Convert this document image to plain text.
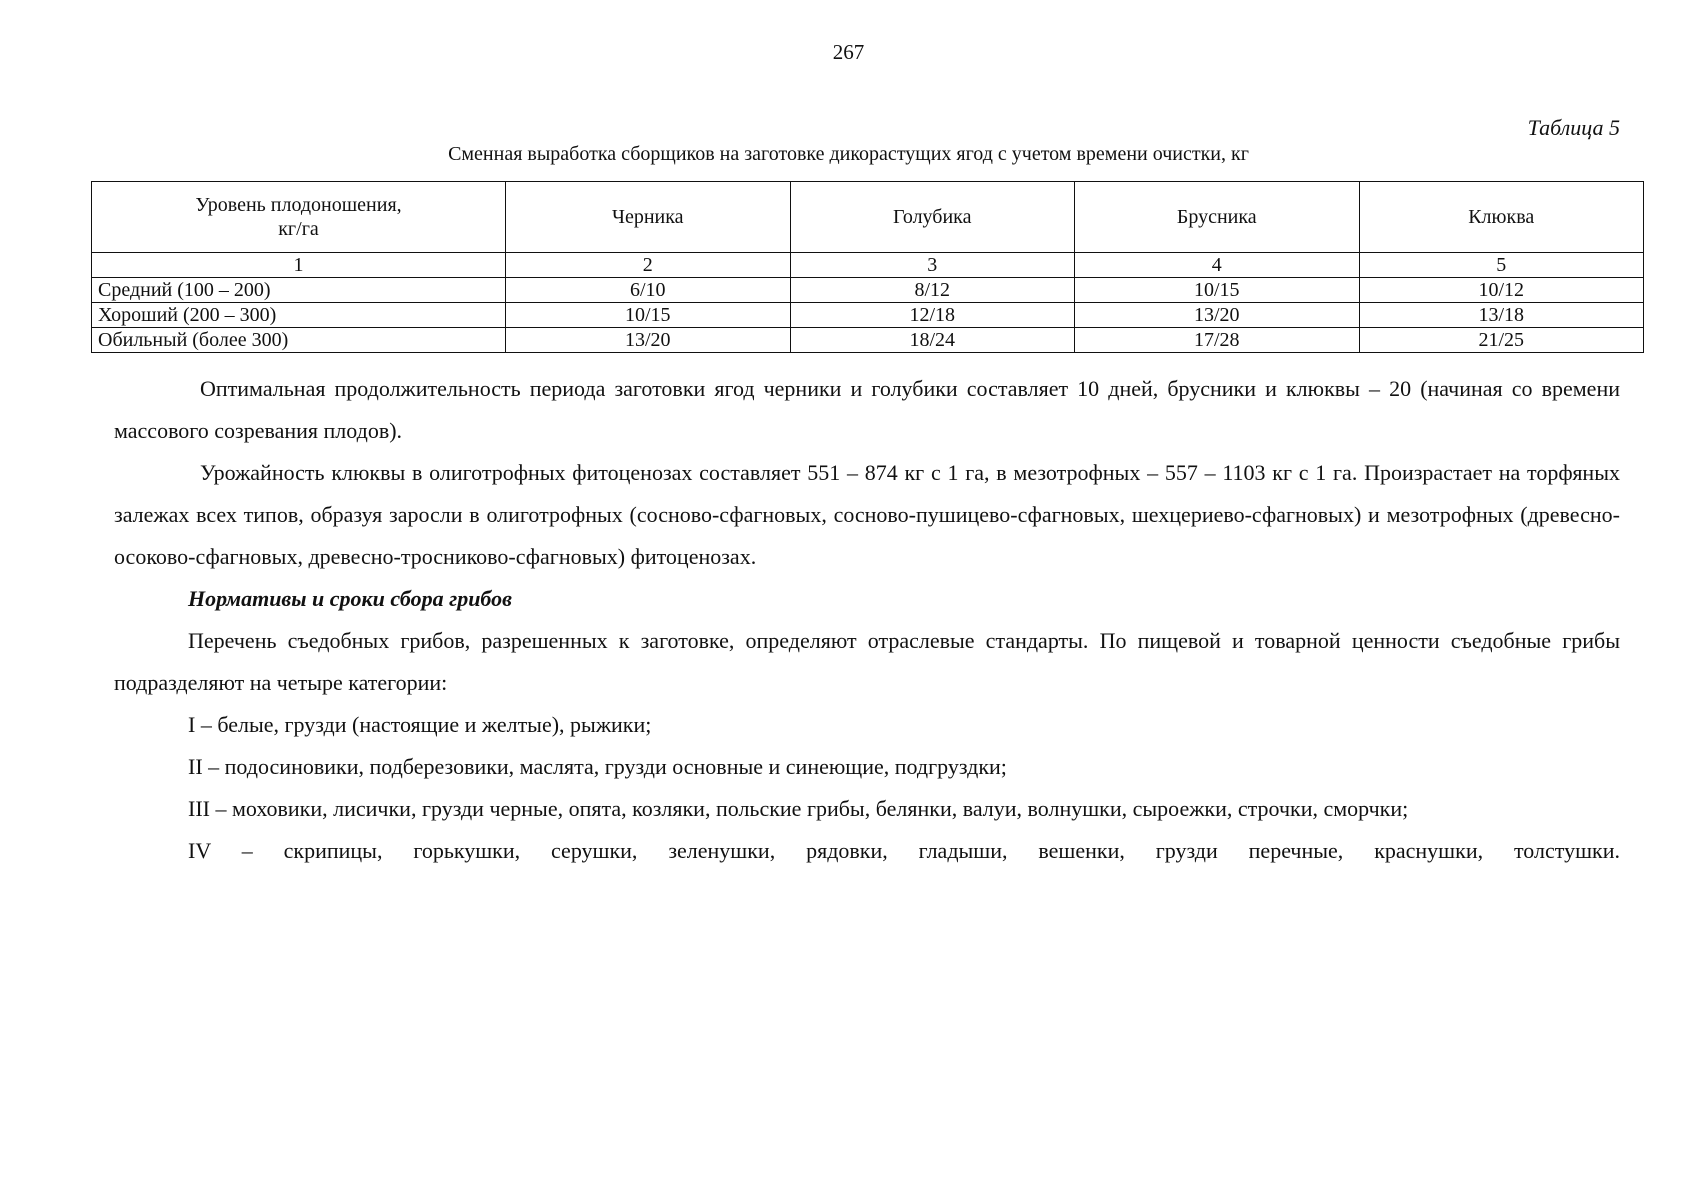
267
Таблица 5
Сменная выработка сборщиков на заготовке дикорастущих ягод с учетом времени очистки, кг
Уровень плодоношения,
кг/га	Черника	Голубика	Брусника	Клюква
1	2	3	4	5
Средний (100 – 200)	6/10	8/12	10/15	10/12
Хороший (200 – 300)	10/15	12/18	13/20	13/18
Обильный (более 300)	13/20	18/24	17/28	21/25

Оптимальная продолжительность периода заготовки ягод черники и голубики составляет 10 дней, брусники и клюквы – 20 (начиная со времени массового созревания плодов).

Урожайность клюквы в олиготрофных фитоценозах составляет 551 – 874 кг с 1 га, в мезотрофных – 557 – 1103 кг с 1 га. Произрастает на торфяных залежах всех типов, образуя заросли в олиготрофных (сосново-сфагновых, сосново-пушицево-сфагновых, шехцериево-сфагновых) и мезотрофных (древесно-осоково-сфагновых, древесно-тросниково-сфагновых) фитоценозах.

Нормативы и сроки сбора грибов

Перечень съедобных грибов, разрешенных к заготовке, определяют отраслевые стандарты. По пищевой и товарной ценности съедобные грибы подразделяют на четыре категории:

I – белые, грузди (настоящие и желтые), рыжики;

II – подосиновики, подберезовики, маслята, грузди основные и синеющие, подгруздки;

III – моховики, лисички, грузди черные, опята, козляки, польские грибы, белянки, валуи, волнушки, сыроежки, строчки, сморчки;

IV – скрипицы, горькушки, серушки, зеленушки, рядовки, гладыши, вешенки, грузди перечные, краснушки, толстушки.
